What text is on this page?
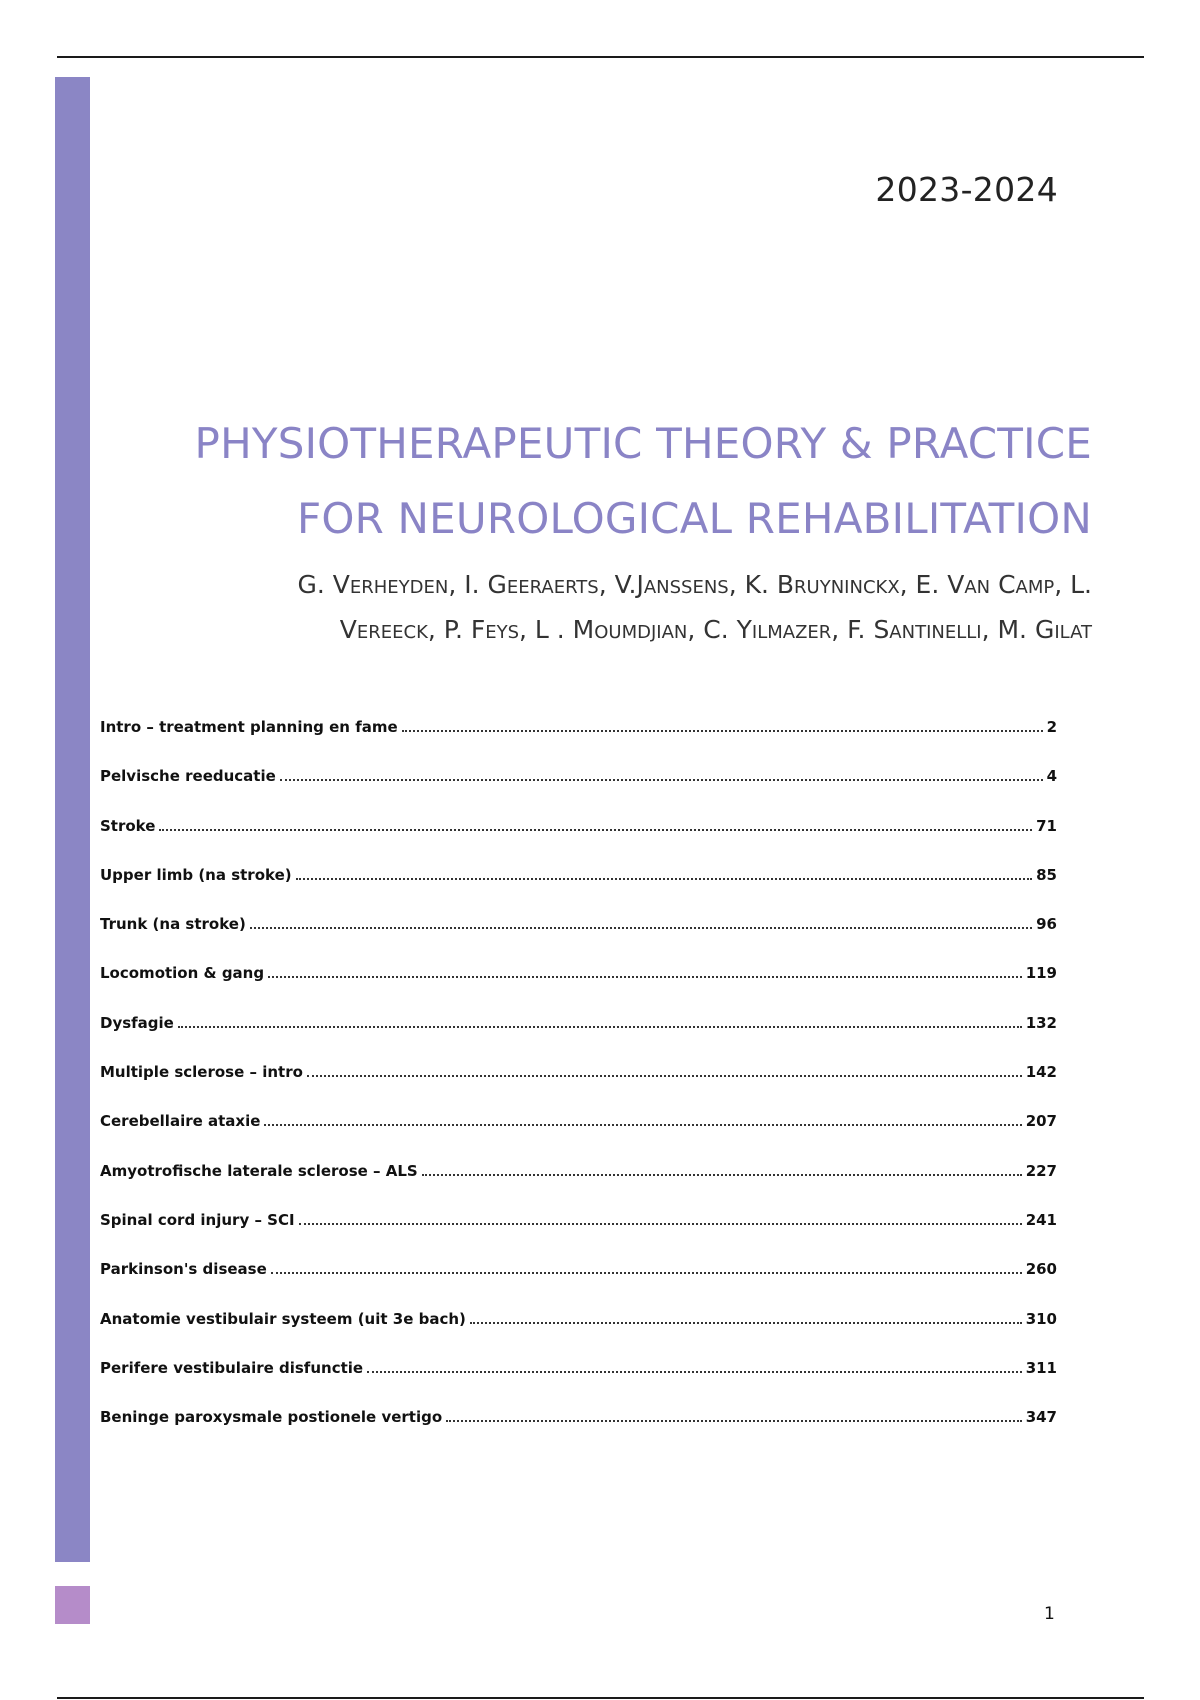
2023-2024
PHYSIOTHERAPEUTIC THEORY & PRACTICE
FOR NEUROLOGICAL REHABILITATION
G. Verheyden, I. Geeraerts, V.Janssens, K. Bruyninckx, E. Van Camp, L.
Vereeck, P. Feys, L . Moumdjian, C. Yilmazer, F. Santinelli, M. Gilat
Intro – treatment planning en fame	2
Pelvische reeducatie	4
Stroke	71
Upper limb (na stroke)	85
Trunk (na stroke)	96
Locomotion & gang	119
Dysfagie	132
Multiple sclerose – intro	142
Cerebellaire ataxie	207
Amyotrofische laterale sclerose – ALS	227
Spinal cord injury – SCI	241
Parkinson's disease	260
Anatomie vestibulair systeem (uit 3e bach)	310
Perifere vestibulaire disfunctie	311
Beninge paroxysmale postionele vertigo	347
1
